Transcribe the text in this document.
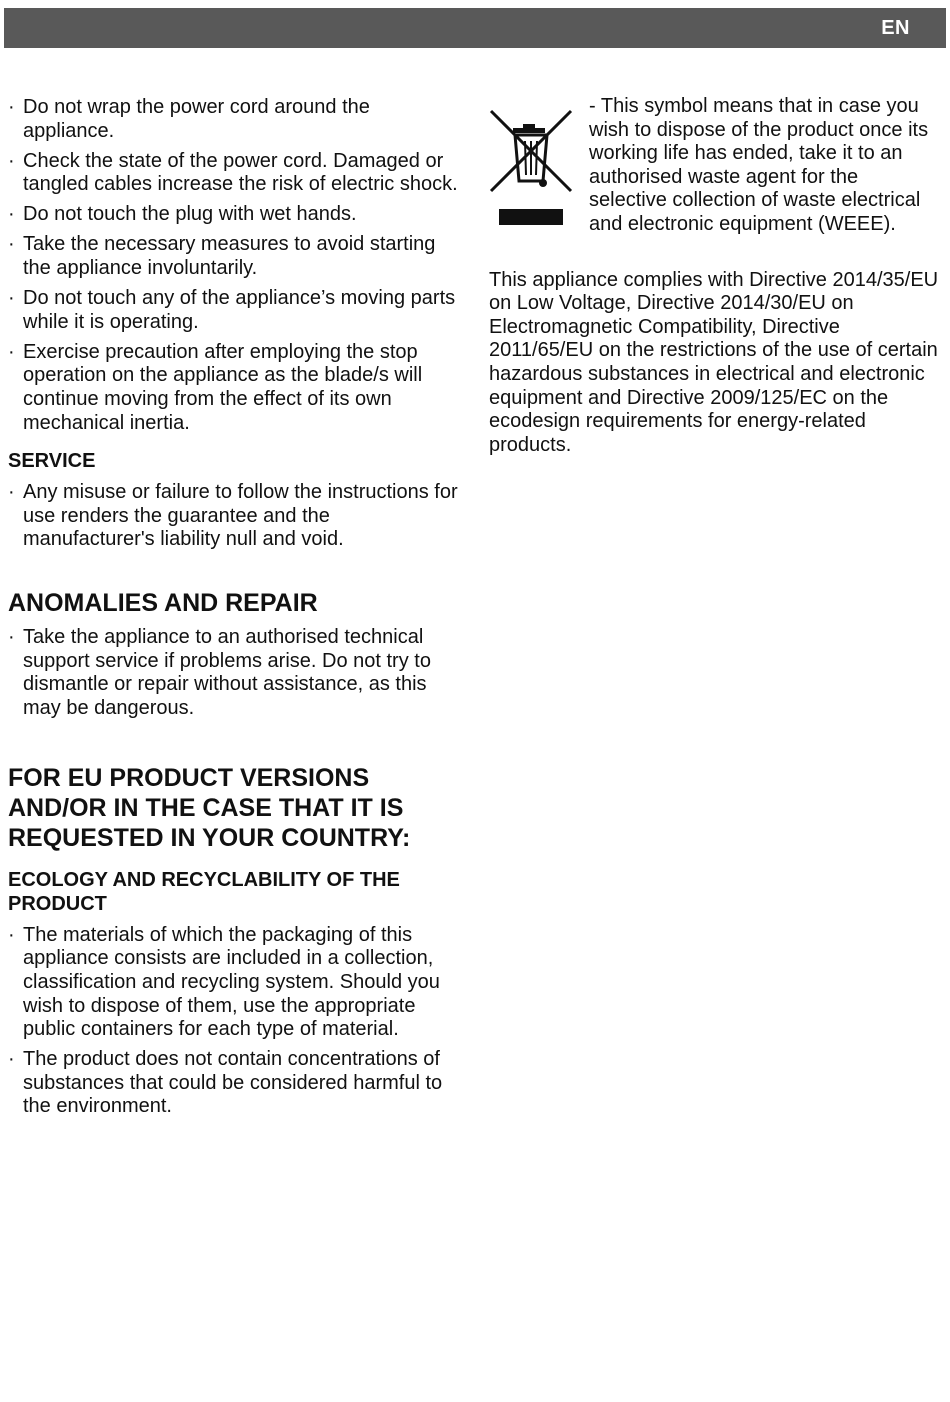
EN
· Do not wrap the power cord around the appliance.
· Check the state of the power cord. Damaged or tangled cables increase the risk of electric shock.
· Do not touch the plug with wet hands.
· Take the necessary measures to avoid starting the appliance involuntarily.
· Do not touch any of the appliance’s moving parts while it is operating.
· Exercise precaution after employing the stop operation on the appliance as the blade/s will continue moving from the effect of its own mechanical inertia.
SERVICE
· Any misuse or failure to follow the instructions for use renders the guarantee and the manufacturer's liability null and void.
ANOMALIES AND REPAIR
· Take the appliance to an authorised technical support service if problems arise. Do not try to dismantle or repair without assistance, as this may be dangerous.
FOR EU PRODUCT VERSIONS AND/OR IN THE CASE THAT IT IS REQUESTED IN YOUR COUNTRY:
ECOLOGY AND RECYCLABILITY OF THE PRODUCT
· The materials of which the packaging of this appliance consists are included in a collection, classification and recycling system. Should you wish to dispose of them, use the appropriate public containers for each type of material.
· The product does not contain concentrations of substances that could be considered harmful to the environment.
- This symbol means that in case you wish to dispose of the product once its working life has ended, take it to an authorised waste agent for the selective collection of waste electrical and electronic equipment (WEEE).
This appliance complies with Directive 2014/35/EU on Low Voltage, Directive 2014/30/EU on Electromagnetic Compatibility, Directive 2011/65/EU on the restrictions of the use of certain hazardous substances in electrical and electronic equipment and Directive 2009/125/EC on the ecodesign requirements for energy-related products.
